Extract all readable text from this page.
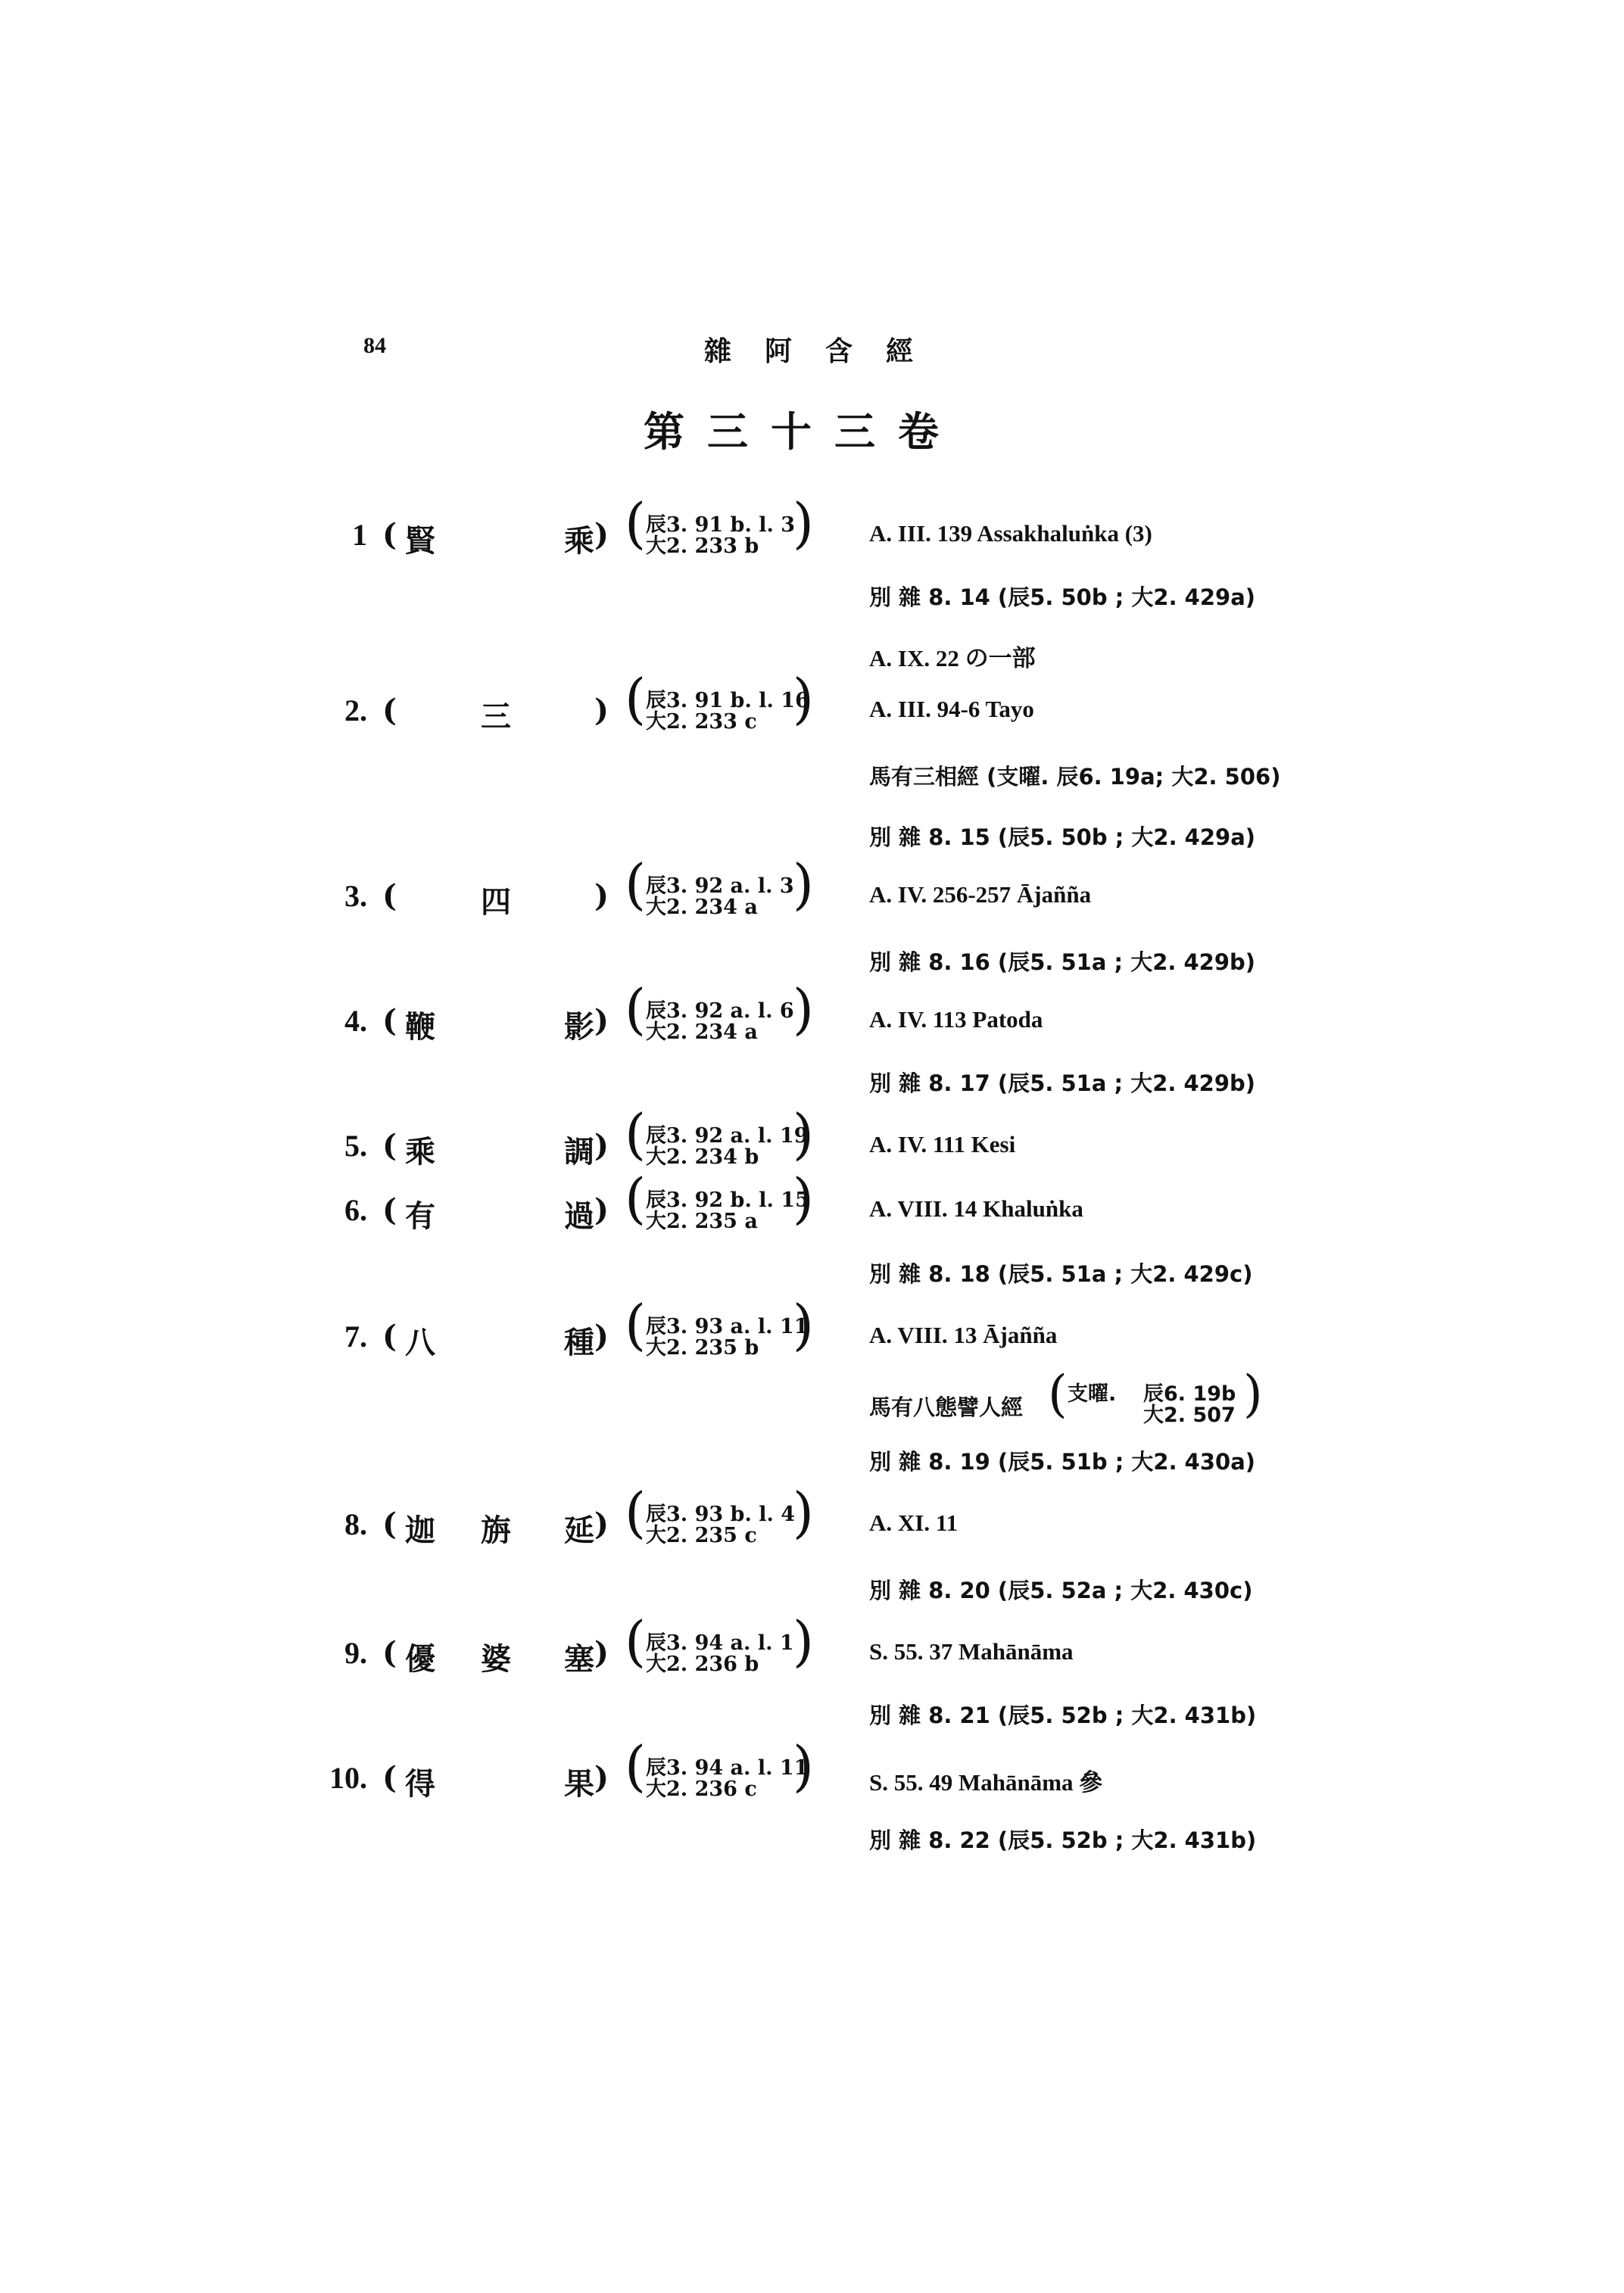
84	雜阿含經
第三十三卷
1 ( 賢	乘 ) ( 辰3. 91 b. l. 3
大2. 233 b ) A. III. 139 Assakhaluṅka (3)
別 雜 8. 14 (辰5. 50b ; 大2. 429a)
A. IX. 22 の一部
2. (	三	) ( 辰3. 91 b. l. 16
大2. 233 c ) A. III. 94-6 Tayo
馬有三相經 (支曜. 辰6. 19a; 大2. 506)
別 雜 8. 15 (辰5. 50b ; 大2. 429a)
3. (	四	) ( 辰3. 92 a. l. 3
大2. 234 a ) A. IV. 256-257 Ājañña
別 雜 8. 16 (辰5. 51a ; 大2. 429b)
4. ( 鞭	影 ) ( 辰3. 92 a. l. 6
大2. 234 a ) A. IV. 113 Patoda
別 雜 8. 17 (辰5. 51a ; 大2. 429b)
5. ( 乘	調 ) ( 辰3. 92 a. l. 19
大2. 234 b ) A. IV. 111 Kesi
6. ( 有	過 ) ( 辰3. 92 b. l. 15
大2. 235 a ) A. VIII. 14 Khaluṅka
別 雜 8. 18 (辰5. 51a ; 大2. 429c)
7. ( 八	種 ) ( 辰3. 93 a. l. 11
大2. 235 b ) A. VIII. 13 Ājañña
別 雜 8. 19 (辰5. 51b ; 大2. 430a)
馬有八態譬人經 ( 支曜. 辰6. 19b
大2. 507 )
8. ( 迦 旃 延 ) ( 辰3. 93 b. l. 4
大2. 235 c ) A. XI. 11
別 雜 8. 20 (辰5. 52a ; 大2. 430c)
9. ( 優 婆 塞 ) ( 辰3. 94 a. l. 1
大2. 236 b ) S. 55. 37 Mahānāma
別 雜 8. 21 (辰5. 52b ; 大2. 431b)
10. ( 得	果 ) ( 辰3. 94 a. l. 11
大2. 236 c ) S. 55. 49 Mahānāma 參
別 雜 8. 22 (辰5. 52b ; 大2. 431b)
